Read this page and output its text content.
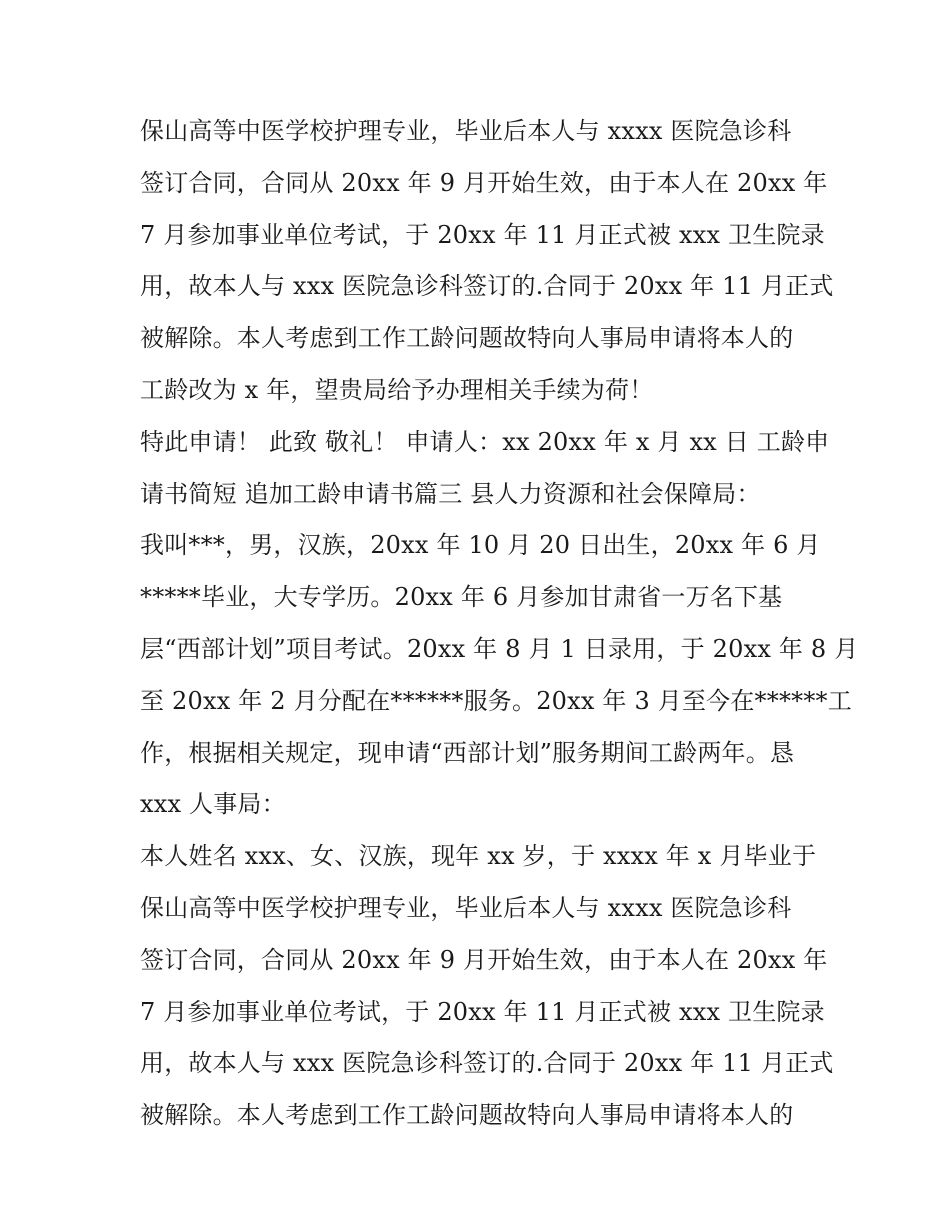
保山高等中医学校护理专业，毕业后本人与 xxxx 医院急诊科
签订合同，合同从 20xx 年 9 月开始生效，由于本人在 20xx 年
7 月参加事业单位考试，于 20xx 年 11 月正式被 xxx 卫生院录
用，故本人与 xxx 医院急诊科签订的.合同于 20xx 年 11 月正式
被解除。本人考虑到工作工龄问题故特向人事局申请将本人的
工龄改为 x 年，望贵局给予办理相关手续为荷！
特此申请！ 此致 敬礼！ 申请人：xx 20xx 年 x 月 xx 日 工龄申
请书简短 追加工龄申请书篇三 县人力资源和社会保障局：
我叫***，男，汉族，20xx 年 10 月 20 日出生，20xx 年 6 月
*****毕业，大专学历。20xx 年 6 月参加甘肃省一万名下基
层“西部计划”项目考试。20xx 年 8 月 1 日录用，于 20xx 年 8 月
至 20xx 年 2 月分配在******服务。20xx 年 3 月至今在******工
作，根据相关规定，现申请“西部计划”服务期间工龄两年。恳
xxx 人事局：
本人姓名 xxx、女、汉族，现年 xx 岁，于 xxxx 年 x 月毕业于
保山高等中医学校护理专业，毕业后本人与 xxxx 医院急诊科
签订合同，合同从 20xx 年 9 月开始生效，由于本人在 20xx 年
7 月参加事业单位考试，于 20xx 年 11 月正式被 xxx 卫生院录
用，故本人与 xxx 医院急诊科签订的.合同于 20xx 年 11 月正式
被解除。本人考虑到工作工龄问题故特向人事局申请将本人的
